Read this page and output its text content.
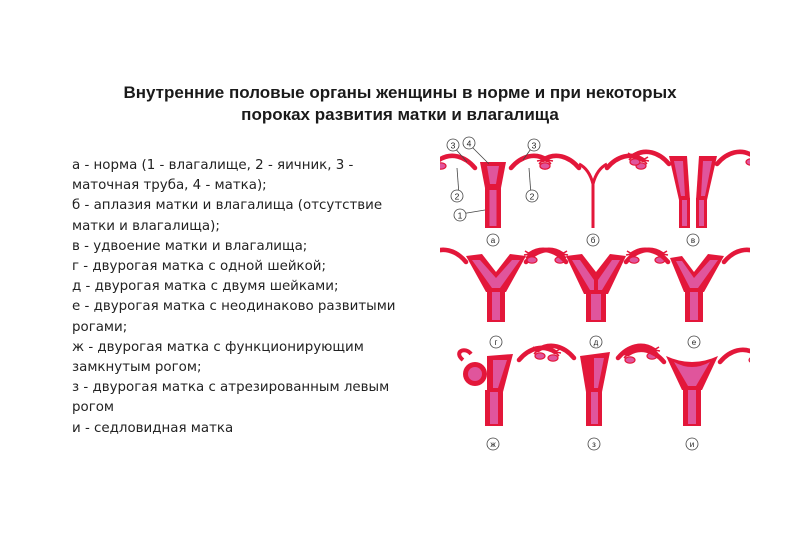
Внутренние половые органы женщины в норме и при некоторых
пороках развития матки и влагалища
а - норма (1 - влагалище, 2 - яичник, 3 -
маточная труба, 4 - матка);
б - аплазия матки и влагалища (отсутствие
матки и влагалища);
в - удвоение матки и влагалища;
г - двурогая матка с одной шейкой;
д - двурогая матка с двумя шейками;
е - двурогая матка с неодинаково развитыми
рогами;
ж - двурогая матка с функционирующим
замкнутым рогом;
з - двурогая матка с атрезированным левым
рогом
и - седловидная матка
3 4	3
2	2
1
а	б	в
г	д	е
ж	з	и
